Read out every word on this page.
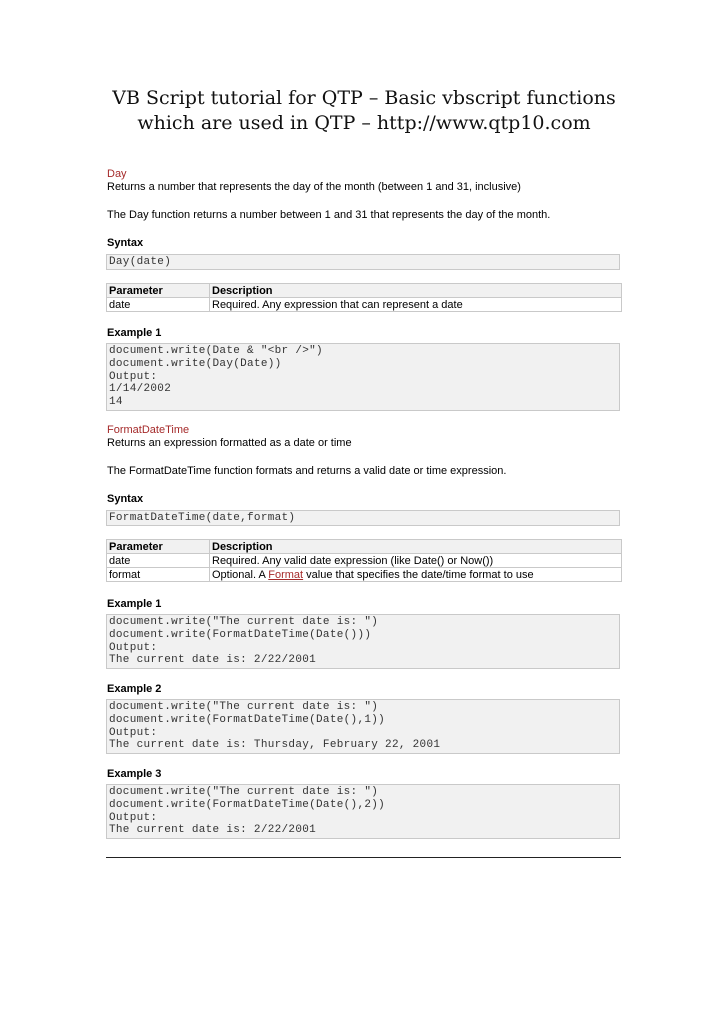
VB Script tutorial for QTP – Basic vbscript functions which are used in QTP – http://www.qtp10.com
Day
Returns a number that represents the day of the month (between 1 and 31, inclusive)
The Day function returns a number between 1 and 31 that represents the day of the month.
Syntax
Day(date)
Parameter	Description
date	Required. Any expression that can represent a date
Example 1
document.write(Date & "<br />")
document.write(Day(Date))
Output:
1/14/2002
14
FormatDateTime
Returns an expression formatted as a date or time
The FormatDateTime function formats and returns a valid date or time expression.
Syntax
FormatDateTime(date,format)
Parameter	Description
date	Required. Any valid date expression (like Date() or Now())
format	Optional. A Format value that specifies the date/time format to use
Example 1
document.write("The current date is: ")
document.write(FormatDateTime(Date()))
Output:
The current date is: 2/22/2001
Example 2
document.write("The current date is: ")
document.write(FormatDateTime(Date(),1))
Output:
The current date is: Thursday, February 22, 2001
Example 3
document.write("The current date is: ")
document.write(FormatDateTime(Date(),2))
Output:
The current date is: 2/22/2001
